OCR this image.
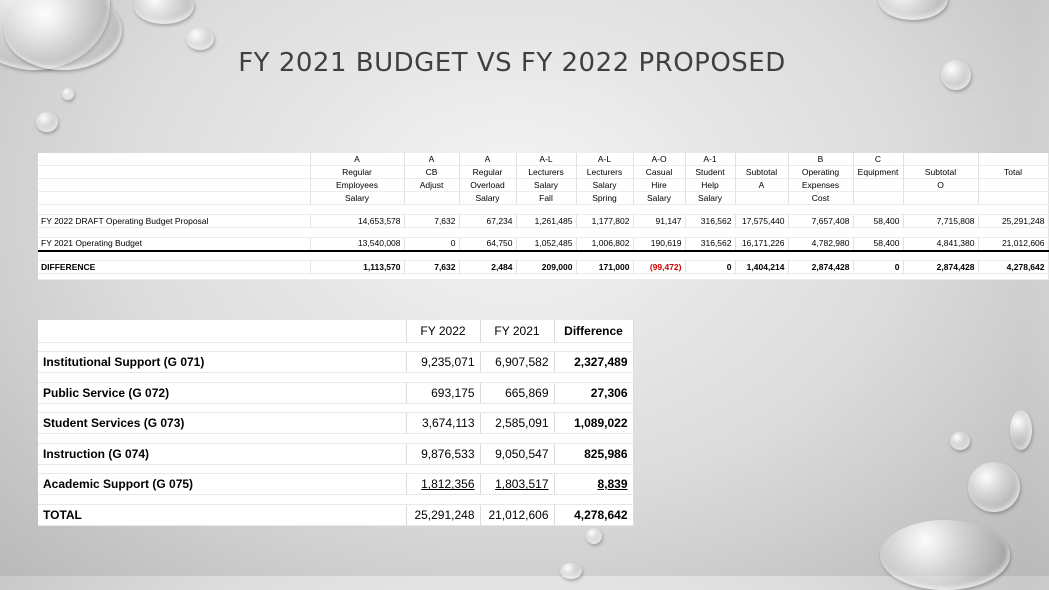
FY 2021 BUDGET VS FY 2022 PROPOSED
	A	A	A	A-L	A-L	A-O	A-1		B	C		
	Regular	CB	Regular	Lecturers	Lecturers	Casual	Student	Subtotal	Operating	Equipment	Subtotal	Total
	Employees	Adjust	Overload	Salary	Salary	Hire	Help	A	Expenses		O	
	Salary		Salary	Fall	Spring	Salary	Salary		Cost			

FY 2022 DRAFT Operating Budget Proposal	14,653,578	7,632	67,234	1,261,485	1,177,802	91,147	316,562	17,575,440	7,657,408	58,400	7,715,808	25,291,248

FY 2021 Operating Budget	13,540,008	0	64,750	1,052,485	1,006,802	190,619	316,562	16,171,226	4,782,980	58,400	4,841,380	21,012,606

DIFFERENCE	1,113,570	7,632	2,484	209,000	171,000	(99,472)	0	1,404,214	2,874,428	0	2,874,428	4,278,642

	FY 2022	FY 2021	Difference

Institutional Support (G 071)	9,235,071	6,907,582	2,327,489

Public Service (G 072)	693,175	665,869	27,306

Student Services (G 073)	3,674,113	2,585,091	1,089,022

Instruction (G 074)	9,876,533	9,050,547	825,986

Academic Support (G 075)	1,812,356	1,803,517	8,839

TOTAL	25,291,248	21,012,606	4,278,642
